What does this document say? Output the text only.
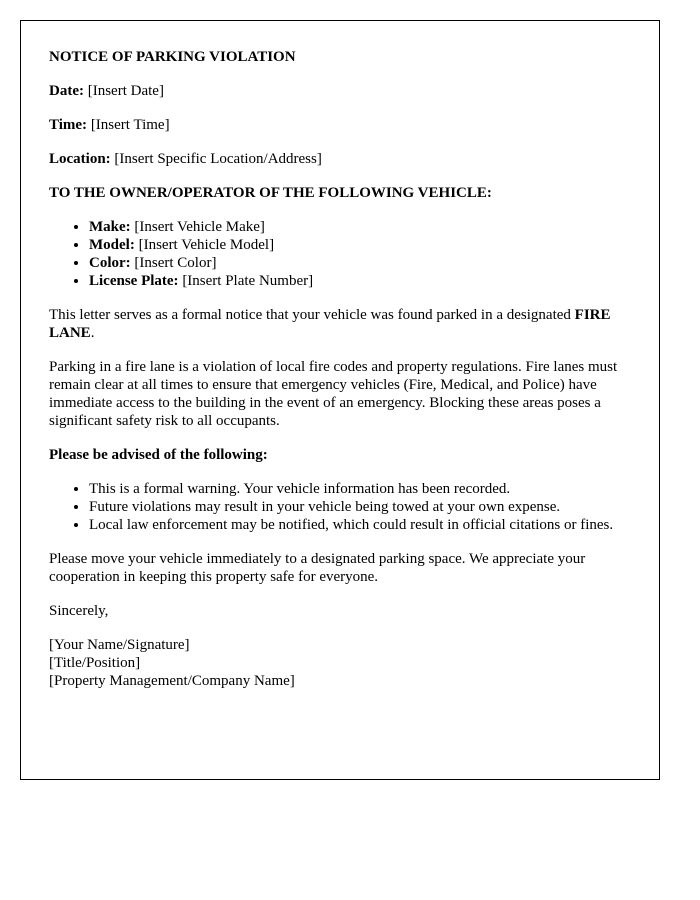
NOTICE OF PARKING VIOLATION

Date: [Insert Date]

Time: [Insert Time]

Location: [Insert Specific Location/Address]

TO THE OWNER/OPERATOR OF THE FOLLOWING VEHICLE:

• Make: [Insert Vehicle Make]
• Model: [Insert Vehicle Model]
• Color: [Insert Color]
• License Plate: [Insert Plate Number]

This letter serves as a formal notice that your vehicle was found parked in a designated FIRE LANE.

Parking in a fire lane is a violation of local fire codes and property regulations. Fire lanes must remain clear at all times to ensure that emergency vehicles (Fire, Medical, and Police) have immediate access to the building in the event of an emergency. Blocking these areas poses a significant safety risk to all occupants.

Please be advised of the following:

• This is a formal warning. Your vehicle information has been recorded.
• Future violations may result in your vehicle being towed at your own expense.
• Local law enforcement may be notified, which could result in official citations or fines.

Please move your vehicle immediately to a designated parking space. We appreciate your cooperation in keeping this property safe for everyone.

Sincerely,

[Your Name/Signature]
[Title/Position]
[Property Management/Company Name]
